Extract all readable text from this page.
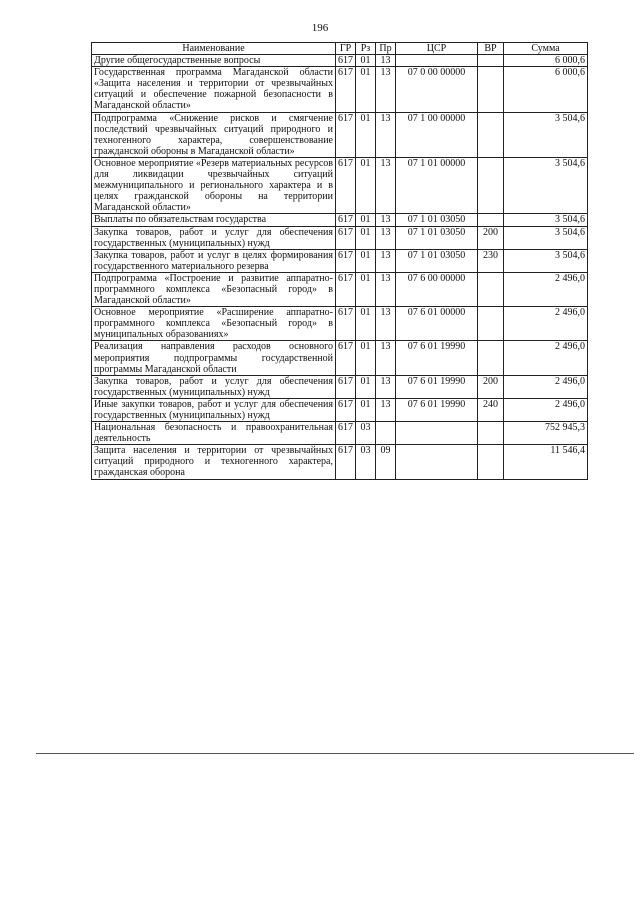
196
Наименование	ГР	Рз	Пр	ЦСР	ВР	Сумма
Другие общегосударственные вопросы	617	01	13			6 000,6
Государственная программа Магаданской области «Защита населения и территории от чрезвычайных ситуаций и обеспечение пожарной безопасности в Магаданской области»	617	01	13	07 0 00 00000		6 000,6
Подпрограмма «Снижение рисков и смягчение последствий чрезвычайных ситуаций природного и техногенного характера, совершенствование гражданской обороны в Магаданской области»	617	01	13	07 1 00 00000		3 504,6
Основное мероприятие «Резерв материальных ресурсов для ликвидации чрезвычайных ситуаций межмуниципального и регионального характера и в целях гражданской обороны на территории Магаданской области»	617	01	13	07 1 01 00000		3 504,6
Выплаты по обязательствам государства	617	01	13	07 1 01 03050		3 504,6
Закупка товаров, работ и услуг для обеспечения государственных (муниципальных) нужд	617	01	13	07 1 01 03050	200	3 504,6
Закупка товаров, работ и услуг в целях формирования государственного материального резерва	617	01	13	07 1 01 03050	230	3 504,6
Подпрограмма «Построение и развитие аппаратно-программного комплекса «Безопасный город» в Магаданской области»	617	01	13	07 6 00 00000		2 496,0
Основное мероприятие «Расширение аппаратно-программного комплекса «Безопасный город» в муниципальных образованиях»	617	01	13	07 6 01 00000		2 496,0
Реализация направления расходов основного мероприятия подпрограммы государственной программы Магаданской области	617	01	13	07 6 01 19990		2 496,0
Закупка товаров, работ и услуг для обеспечения государственных (муниципальных) нужд	617	01	13	07 6 01 19990	200	2 496,0
Иные закупки товаров, работ и услуг для обеспечения государственных (муниципальных) нужд	617	01	13	07 6 01 19990	240	2 496,0
Национальная безопасность и правоохранительная деятельность	617	03				752 945,3
Защита населения и территории от чрезвычайных ситуаций природного и техногенного характера, гражданская оборона	617	03	09			11 546,4
